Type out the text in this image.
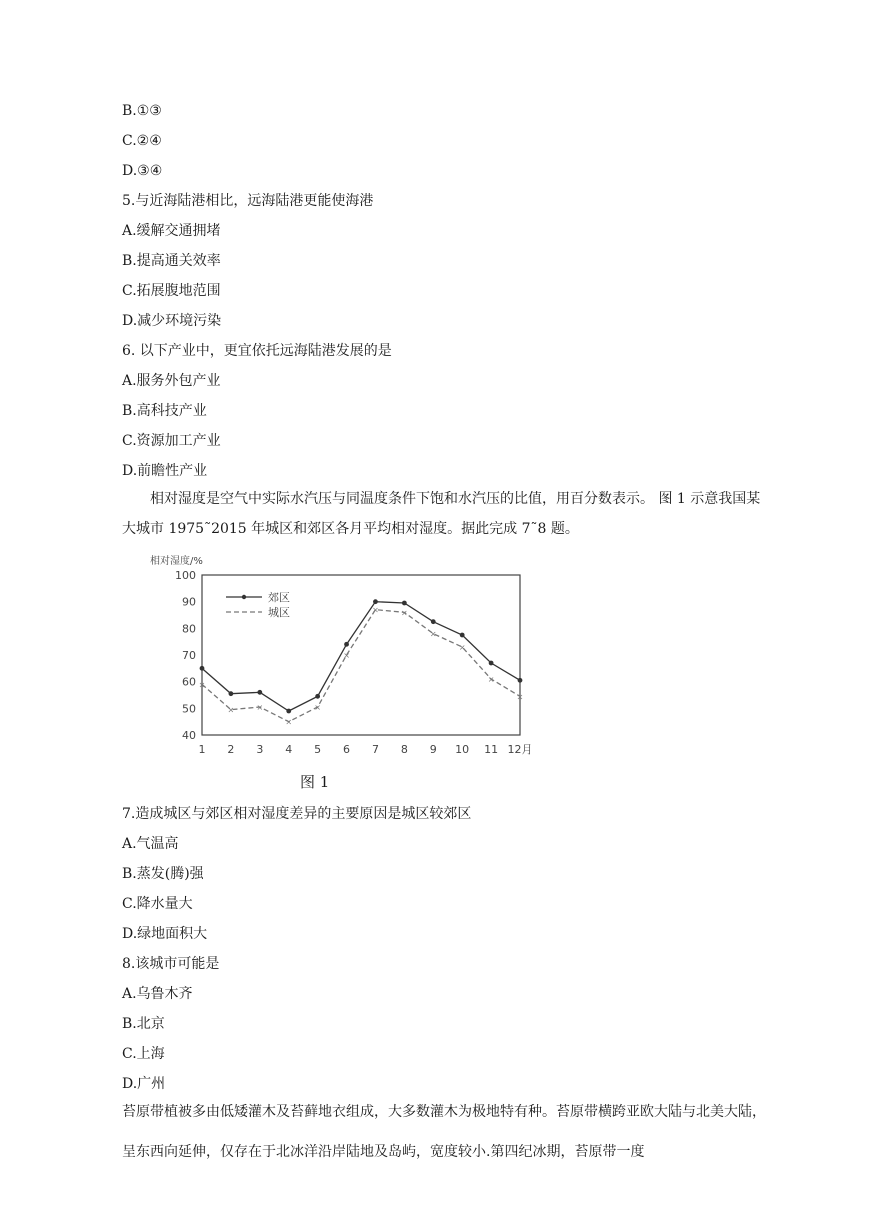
B.①③
C.②④
D.③④
5.与近海陆港相比，远海陆港更能使海港
A.缓解交通拥堵
B.提高通关效率
C.拓展腹地范围
D.减少环境污染
6. 以下产业中，更宜依托远海陆港发展的是
A.服务外包产业
B.高科技产业
C.资源加工产业
D.前瞻性产业
相对湿度是空气中实际水汽压与同温度条件下饱和水汽压的比值，用百分数表示。 图 1 示意我国某大城市 1975˜2015 年城区和郊区各月平均相对湿度。据此完成 7˜8 题。
相对湿度/%
40
50
60
70
80
90
100
1 2 3 4 5 6 7 8 9 10 11 12月
郊区
×
×	×
×
×
×
×	×
×
×
×
×
城区
图 1
7.造成城区与郊区相对湿度差异的主要原因是城区较郊区
A.气温高
B.蒸发(腾)强
C.降水量大
D.绿地面积大
8.该城市可能是
A.乌鲁木齐
B.北京
C.上海
D.广州
苔原带植被多由低矮灌木及苔藓地衣组成，大多数灌木为极地特有种。苔原带横跨亚欧大陆与北美大陆，呈东西向延伸，仅存在于北冰洋沿岸陆地及岛屿，宽度较小.第四纪冰期，苔原带一度
